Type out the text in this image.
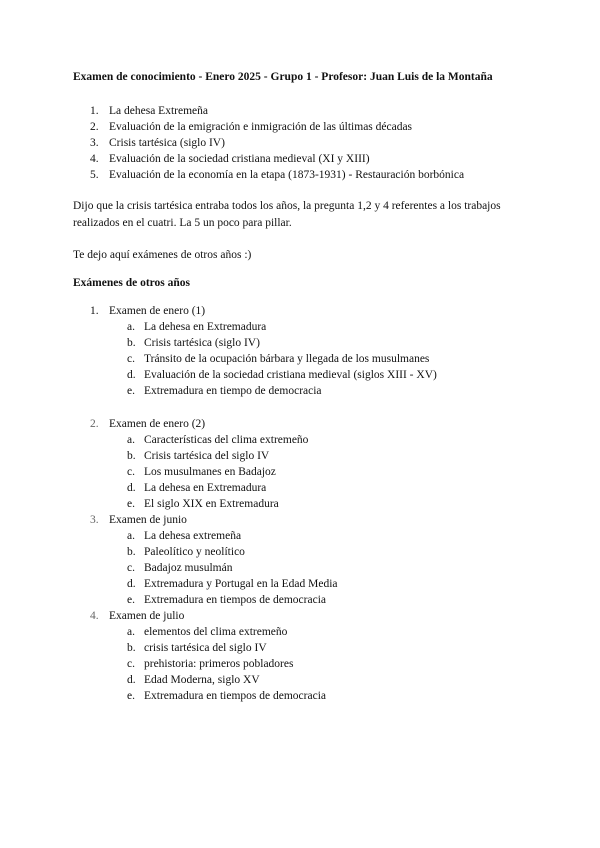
Examen de conocimiento - Enero 2025 - Grupo 1 - Profesor: Juan Luis de la Montaña
1. La dehesa Extremeña
2. Evaluación de la emigración e inmigración de las últimas décadas
3. Crisis tartésica (siglo IV)
4. Evaluación de la sociedad cristiana medieval (XI y XIII)
5. Evaluación de la economía en la etapa (1873-1931) - Restauración borbónica

Dijo que la crisis tartésica entraba todos los años, la pregunta 1,2 y 4 referentes a los trabajos
realizados en el cuatri. La 5 un poco para pillar.

Te dejo aquí exámenes de otros años :)

Exámenes de otros años
1. Examen de enero (1)
a. La dehesa en Extremadura
b. Crisis tartésica (siglo IV)
c. Tránsito de la ocupación bárbara y llegada de los musulmanes
d. Evaluación de la sociedad cristiana medieval (siglos XIII - XV)
e. Extremadura en tiempo de democracia
2. Examen de enero (2)
a. Características del clima extremeño
b. Crisis tartésica del siglo IV
c. Los musulmanes en Badajoz
d. La dehesa en Extremadura
e. El siglo XIX en Extremadura
3. Examen de junio
a. La dehesa extremeña
b. Paleolítico y neolítico
c. Badajoz musulmán
d. Extremadura y Portugal en la Edad Media
e. Extremadura en tiempos de democracia
4. Examen de julio
a. elementos del clima extremeño
b. crisis tartésica del siglo IV
c. prehistoria: primeros pobladores
d. Edad Moderna, siglo XV
e. Extremadura en tiempos de democracia
